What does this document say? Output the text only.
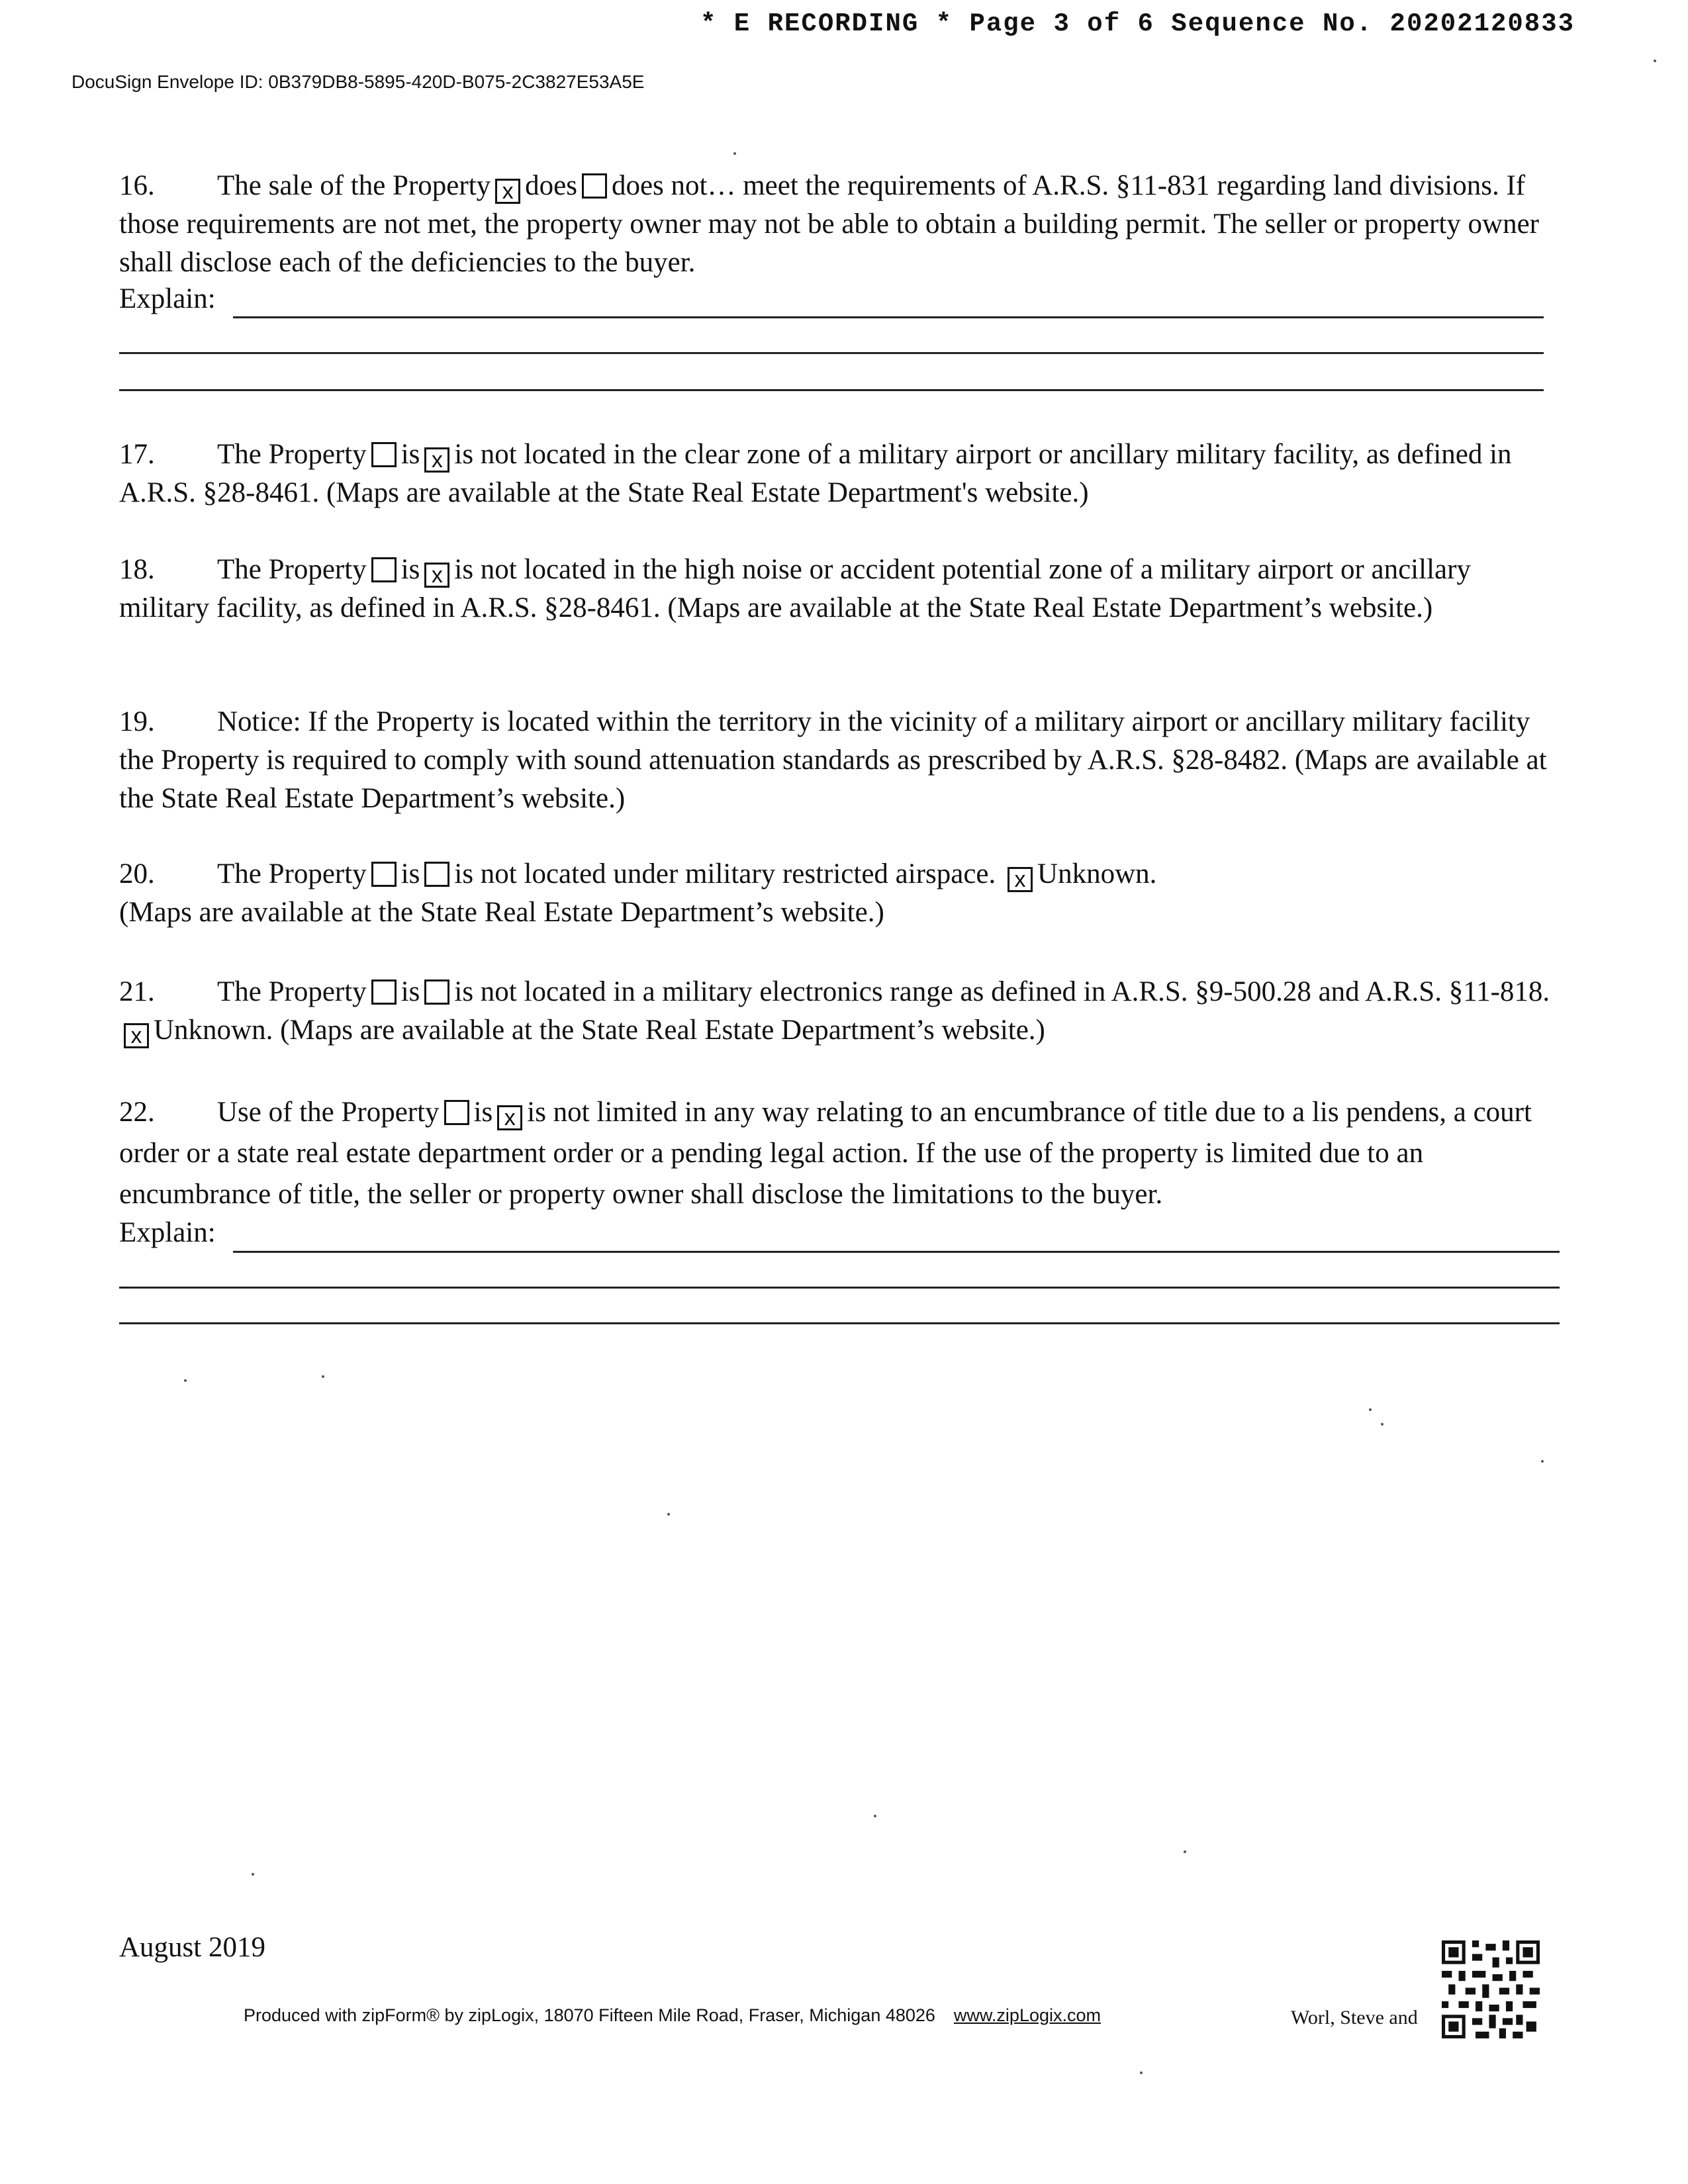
* E RECORDING * Page 3 of 6 Sequence No. 20202120833
DocuSign Envelope ID: 0B379DB8-5895-420D-B075-2C3827E53A5E
16. The sale of the Property x does does not… meet the requirements of A.R.S. §11-831 regarding land divisions. If those requirements are not met, the property owner may not be able to obtain a building permit. The seller or property owner shall disclose each of the deficiencies to the buyer.
Explain:
17. The Property is x is not located in the clear zone of a military airport or ancillary military facility, as defined in A.R.S. §28-8461. (Maps are available at the State Real Estate Department's website.)
18. The Property is x is not located in the high noise or accident potential zone of a military airport or ancillary military facility, as defined in A.R.S. §28-8461. (Maps are available at the State Real Estate Department’s website.)
19. Notice: If the Property is located within the territory in the vicinity of a military airport or ancillary military facility the Property is required to comply with sound attenuation standards as prescribed by A.R.S. §28-8482. (Maps are available at the State Real Estate Department’s website.)
20. The Property is is not located under military restricted airspace. x Unknown.
(Maps are available at the State Real Estate Department’s website.)
21. The Property is is not located in a military electronics range as defined in A.R.S. §9-500.28 and A.R.S. §11-818. x Unknown. (Maps are available at the State Real Estate Department’s website.)
22. Use of the Property is x is not limited in any way relating to an encumbrance of title due to a lis pendens, a court order or a state real estate department order or a pending legal action. If the use of the property is limited due to an encumbrance of title, the seller or property owner shall disclose the limitations to the buyer.
Explain:
August 2019
Produced with zipForm® by zipLogix, 18070 Fifteen Mile Road, Fraser, Michigan 48026 www.zipLogix.com	Worl, Steve and
